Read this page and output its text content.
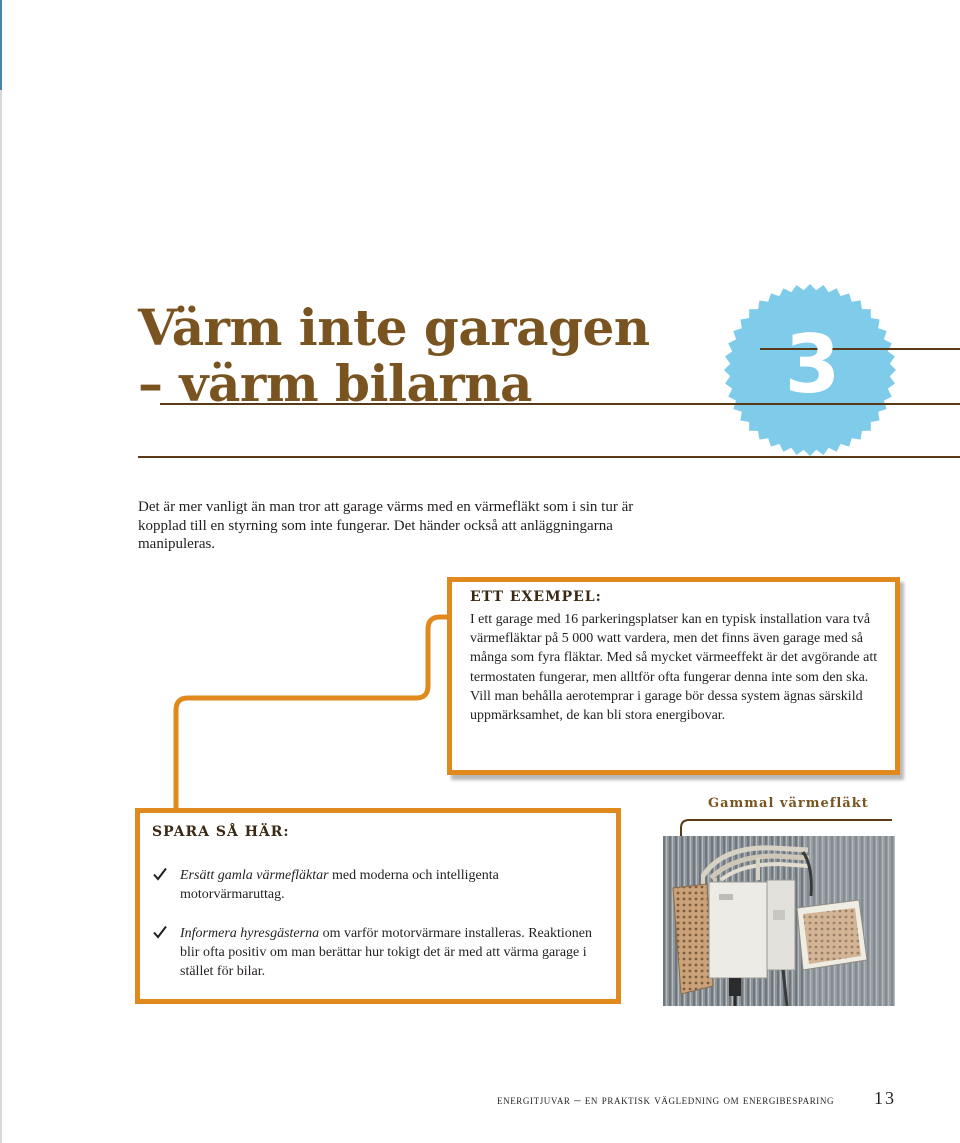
Värm inte garagen
– värm bilarna	3

Det är mer vanligt än man tror att garage värms med en värmefläkt som i sin tur är kopplad till en styrning som inte fungerar. Det händer också att anläggningarna manipuleras.

ETT EXEMPEL:

I ett garage med 16 parkeringsplatser kan en typisk installation vara två värmefläktar på 5 000 watt vardera, men det finns även garage med så många som fyra fläktar. Med så mycket värmeeffekt är det avgörande att termostaten fungerar, men alltför ofta fungerar denna inte som den ska. Vill man behålla aerotemprar i garage bör dessa system ägnas särskild uppmärksamhet, de kan bli stora energibovar.

SPARA SÅ HÄR:
Ersätt gamla värmefläktar med moderna och intelligenta motorvärmaruttag.
Informera hyresgästerna om varför motorvärmare installeras. Reaktionen blir ofta positiv om man berättar hur tokigt det är med att värma garage i stället för bilar.

Gammal värmefläkt

energitjuvar – en praktisk vägledning om energibesparing 13
